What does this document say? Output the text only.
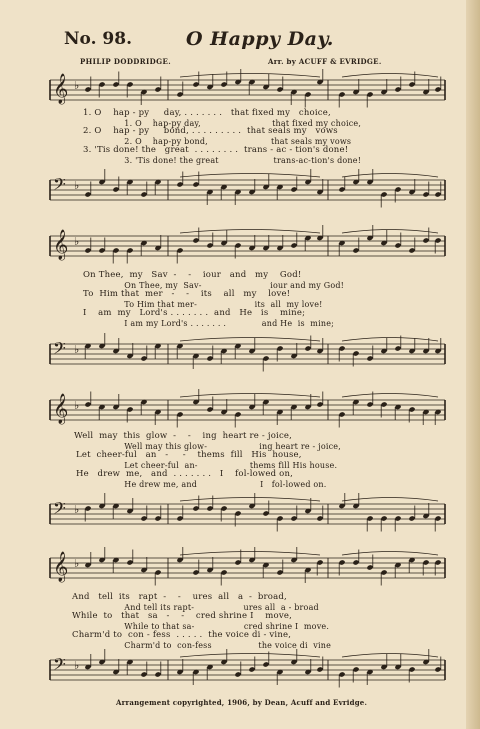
No. 98.	O Happy Day.
PHILIP DODDRIDGE.	Arr. by ACUFF & EVRIDGE.
𝄞 ♭
1. O    hap - py     day, . . . . . . .   that fixed my   choice,
1. O    hap-py day,                          that fixed my choice,
2. O    hap - py     bond, . . . . . . . . .  that seals my   vows
2. O    hap-py bond,                       that seals my vows
3. 'Tis done! the   great  . . . . . . . .  trans - ac - tion's done!
3. 'Tis done! the great                    trans-ac-tion's done!
𝄢 ♭
𝄞 ♭
On Thee,  my   Sav  -    -    iour   and   my    God!
On Thee, my  Sav-                         iour and my God!
To  Him that  mer   -    -    its    all   my    love!
To Him that mer-                     its  all  my love!
I    am  my   Lord's . . . . . . .  and   He   is    mine;
I am my Lord's . . . . . . .             and He  is  mine;
𝄢 ♭
𝄞 ♭
Well  may  this  glow  -    -    ing  heart re - joice,
Well may this glow-                   ing heart re - joice,
Let  cheer-ful   an   -     -    thems  fill   His  house,
Let cheer-ful  an-                   thems fill His house.
He   drew  me,   and  . . . . . . .   I    fol-lowed on,
He drew me, and                       I   fol-lowed on.
𝄢 ♭
𝄞 ♭
And   tell  its   rapt  -    -    ures  all   a  -  broad,
And tell its rapt-                  ures all  a - broad
While  to   that   sa   -    -    cred shrine I    move,
While to that sa-                  cred shrine I  move.
Charm'd to  con - fess  . . . . .  the voice di - vine,
Charm'd to  con-fess                 the voice di  vine
𝄢 ♭
Arrangement copyrighted, 1906, by Dean, Acuff and Evridge.
